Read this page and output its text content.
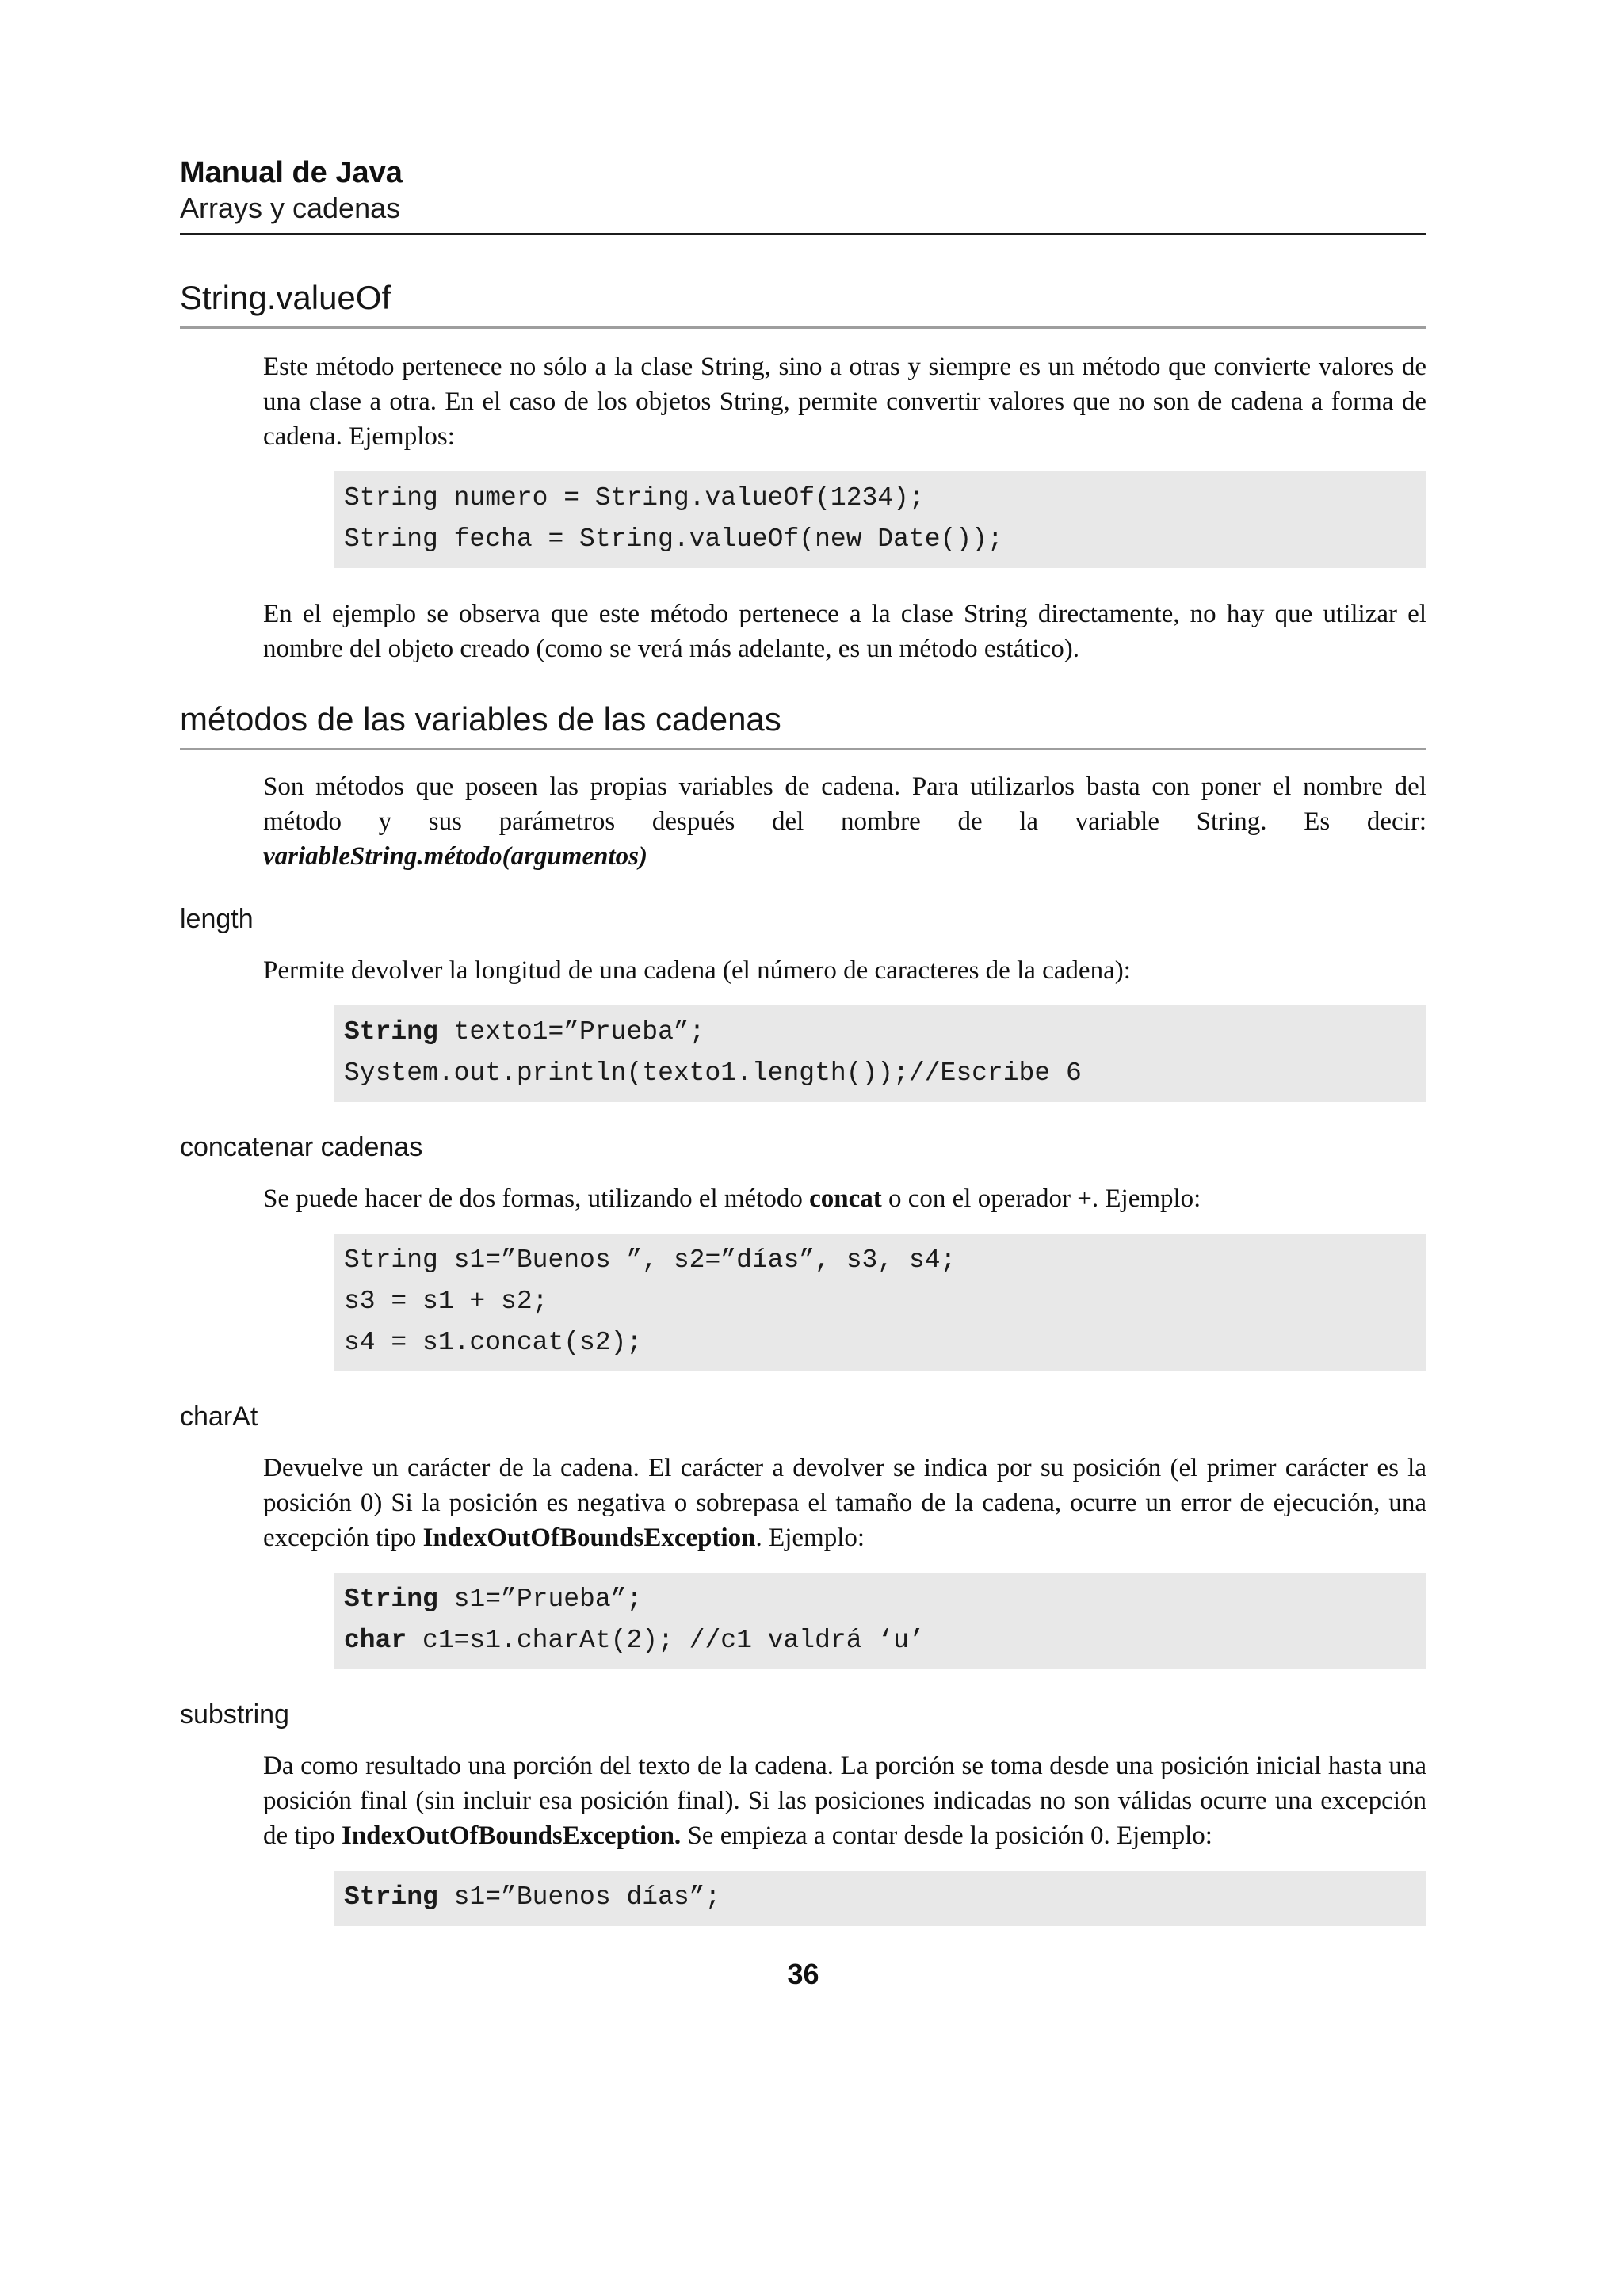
Manual de Java
Arrays y cadenas
String.valueOf

Este método pertenece no sólo a la clase String, sino a otras y siempre es un método que convierte valores de una clase a otra. En el caso de los objetos String, permite convertir valores que no son de cadena a forma de cadena. Ejemplos:

String numero = String.valueOf(1234);
String fecha = String.valueOf(new Date());

En el ejemplo se observa que este método pertenece a la clase String directamente, no hay que utilizar el nombre del objeto creado (como se verá más adelante, es un método estático).

métodos de las variables de las cadenas

Son métodos que poseen las propias variables de cadena. Para utilizarlos basta con poner el nombre del método y sus parámetros después del nombre de la variable String. Es decir: variableString.método(argumentos)

length

Permite devolver la longitud de una cadena (el número de caracteres de la cadena):

String texto1=”Prueba”;
System.out.println(texto1.length());//Escribe 6
concatenar cadenas

Se puede hacer de dos formas, utilizando el método concat o con el operador +. Ejemplo:

String s1=”Buenos ”, s2=”días”, s3, s4;
s3 = s1 + s2;
s4 = s1.concat(s2);
charAt

Devuelve un carácter de la cadena. El carácter a devolver se indica por su posición (el primer carácter es la posición 0) Si la posición es negativa o sobrepasa el tamaño de la cadena, ocurre un error de ejecución, una excepción tipo IndexOutOfBoundsException. Ejemplo:

String s1=”Prueba”;
char c1=s1.charAt(2); //c1 valdrá ‘u’
substring

Da como resultado una porción del texto de la cadena. La porción se toma desde una posición inicial hasta una posición final (sin incluir esa posición final). Si las posiciones indicadas no son válidas ocurre una excepción de tipo IndexOutOfBoundsException. Se empieza a contar desde la posición 0. Ejemplo:

String s1=”Buenos días”;
36
